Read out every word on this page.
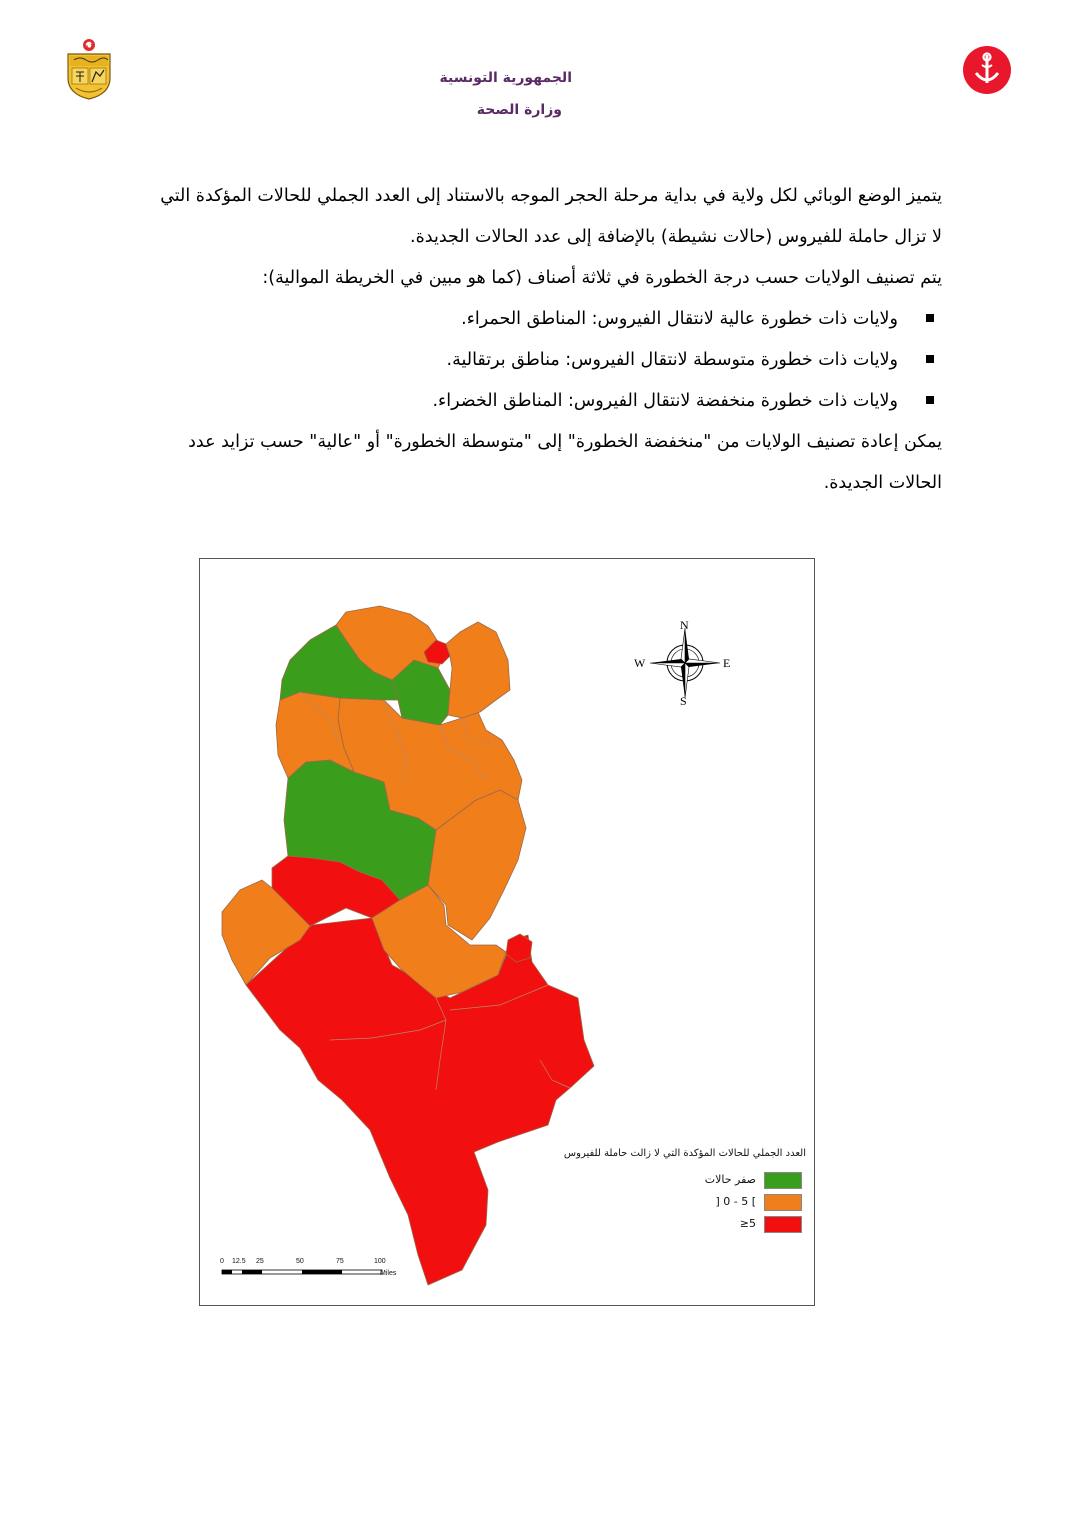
الجمهورية التونسية
وزارة الصحة

يتميز الوضع الوبائي لكل ولاية في بداية مرحلة الحجر الموجه بالاستناد إلى العدد الجملي للحالات المؤكدة التي

لا تزال حاملة للفيروس (حالات نشيطة) بالإضافة إلى عدد الحالات الجديدة.

يتم تصنيف الولايات حسب درجة الخطورة في ثلاثة أصناف (كما هو مبين في الخريطة الموالية):

ولايات ذات خطورة عالية لانتقال الفيروس: المناطق الحمراء.
ولايات ذات خطورة متوسطة لانتقال الفيروس: مناطق برتقالية.
ولايات ذات خطورة منخفضة لانتقال الفيروس: المناطق الخضراء.

يمكن إعادة تصنيف الولايات من "منخفضة الخطورة" إلى "متوسطة الخطورة" أو "عالية" حسب تزايد عدد

الحالات الجديدة.

N
S
E
W
العدد الجملي للحالات المؤكدة التي لا زالت حاملة للفيروس
صفر حالات
] 0 - 5 [
≥5
0 12.5 25	50	75	100
Miles
